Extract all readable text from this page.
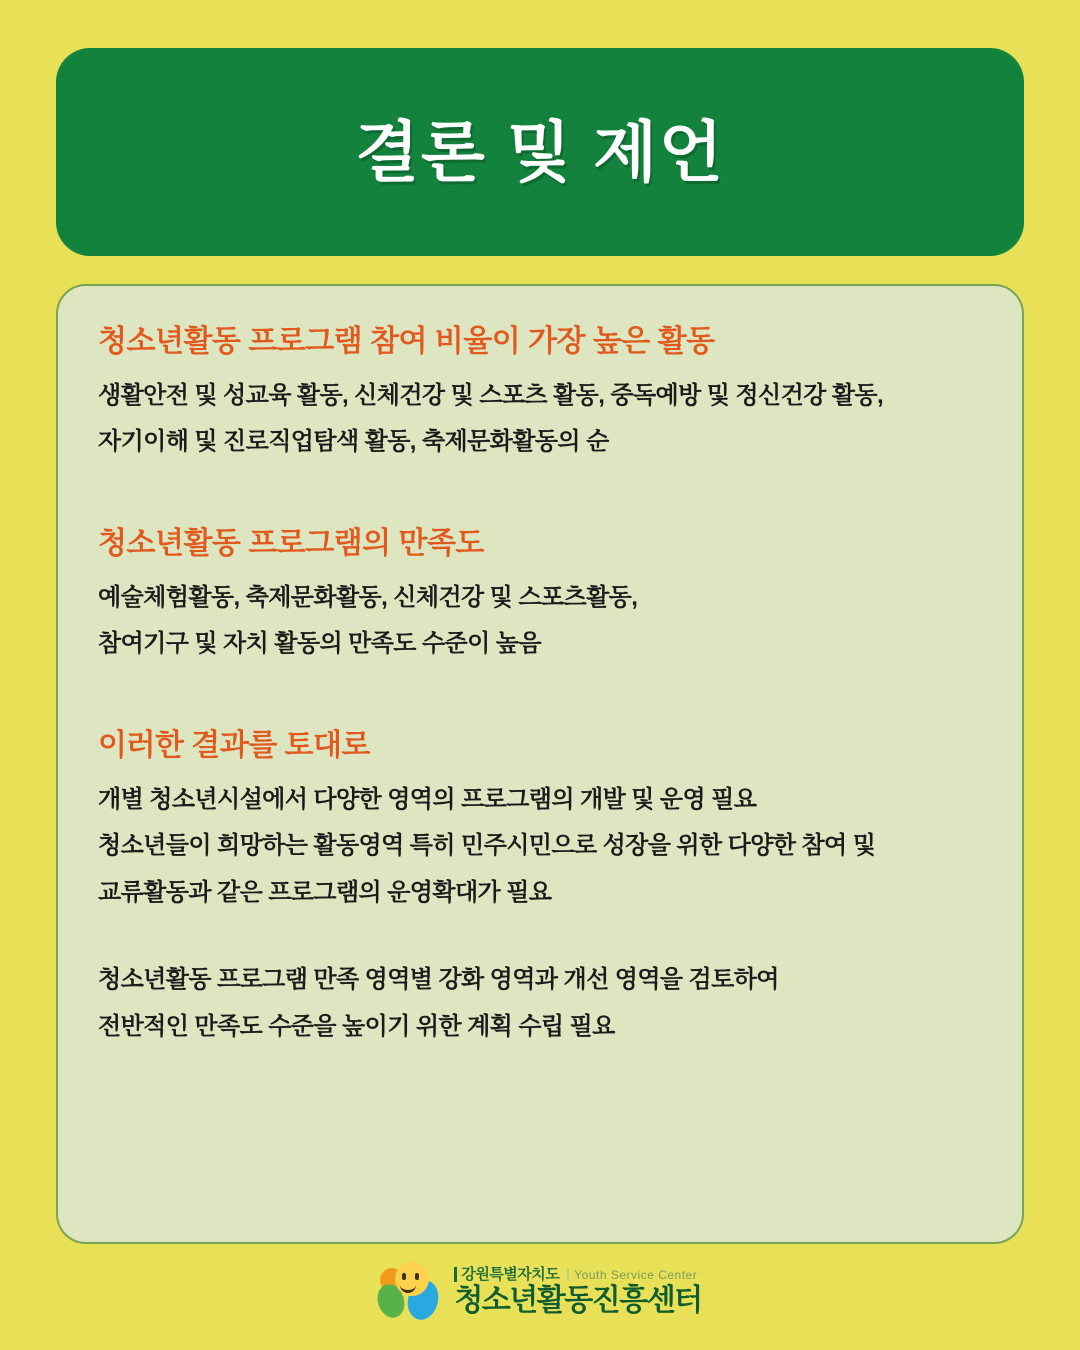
결론 및 제언

청소년활동 프로그램 참여 비율이 가장 높은 활동

생활안전 및 성교육 활동, 신체건강 및 스포츠 활동, 중독예방 및 정신건강 활동,

자기이해 및 진로직업탐색 활동, 축제문화활동의 순

청소년활동 프로그램의 만족도

예술체험활동, 축제문화활동, 신체건강 및 스포츠활동,

참여기구 및 자치 활동의 만족도 수준이 높음

이러한 결과를 토대로

개별 청소년시설에서 다양한 영역의 프로그램의 개발 및 운영 필요

청소년들이 희망하는 활동영역 특히 민주시민으로 성장을 위한 다양한 참여 및

교류활동과 같은 프로그램의 운영확대가 필요

청소년활동 프로그램 만족 영역별 강화 영역과 개선 영역을 검토하여

전반적인 만족도 수준을 높이기 위한 계획 수립 필요

강원특별자치도	Youth Service Center
청소년활동진흥센터
